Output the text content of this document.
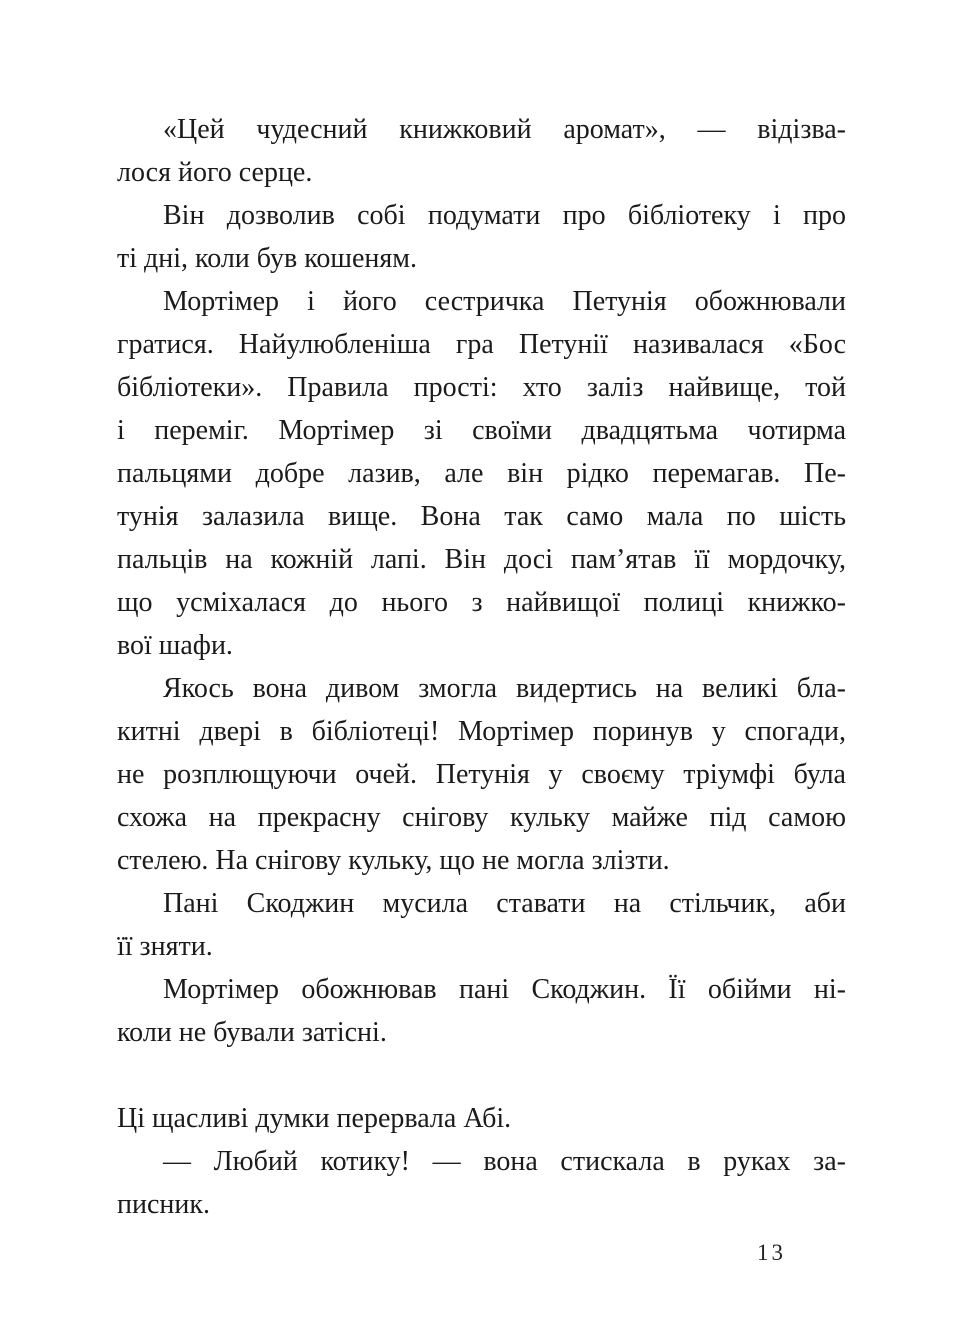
«Цей чудесний книжковий аромат», — відізва-
лося його серце.
Він дозволив собі подумати про бібліотеку і про
ті дні, коли був кошеням.
Мортімер і його сестричка Петунія обожнювали
гратися. Найулюбленіша гра Петунії називалася «Бос
бібліотеки». Правила прості: хто заліз найвище, той
і переміг. Мортімер зі своїми двадцятьма чотирма
пальцями добре лазив, але він рідко перемагав. Пе-
тунія залазила вище. Вона так само мала по шість
пальців на кожній лапі. Він досі пам’ятав її мордочку,
що усміхалася до нього з найвищої полиці книжко-
вої шафи.
Якось вона дивом змогла видертись на великі бла-
китні двері в бібліотеці! Мортімер поринув у спогади,
не розплющуючи очей. Петунія у своєму тріумфі була
схожа на прекрасну снігову кульку майже під самою
стелею. На снігову кульку, що не могла злізти.
Пані Скоджин мусила ставати на стільчик, аби
її зняти.
Мортімер обожнював пані Скоджин. Її обійми ні-
коли не бували затісні.
Ці щасливі думки перервала Абі.
— Любий котику! — вона стискала в руках за-
писник.
13
